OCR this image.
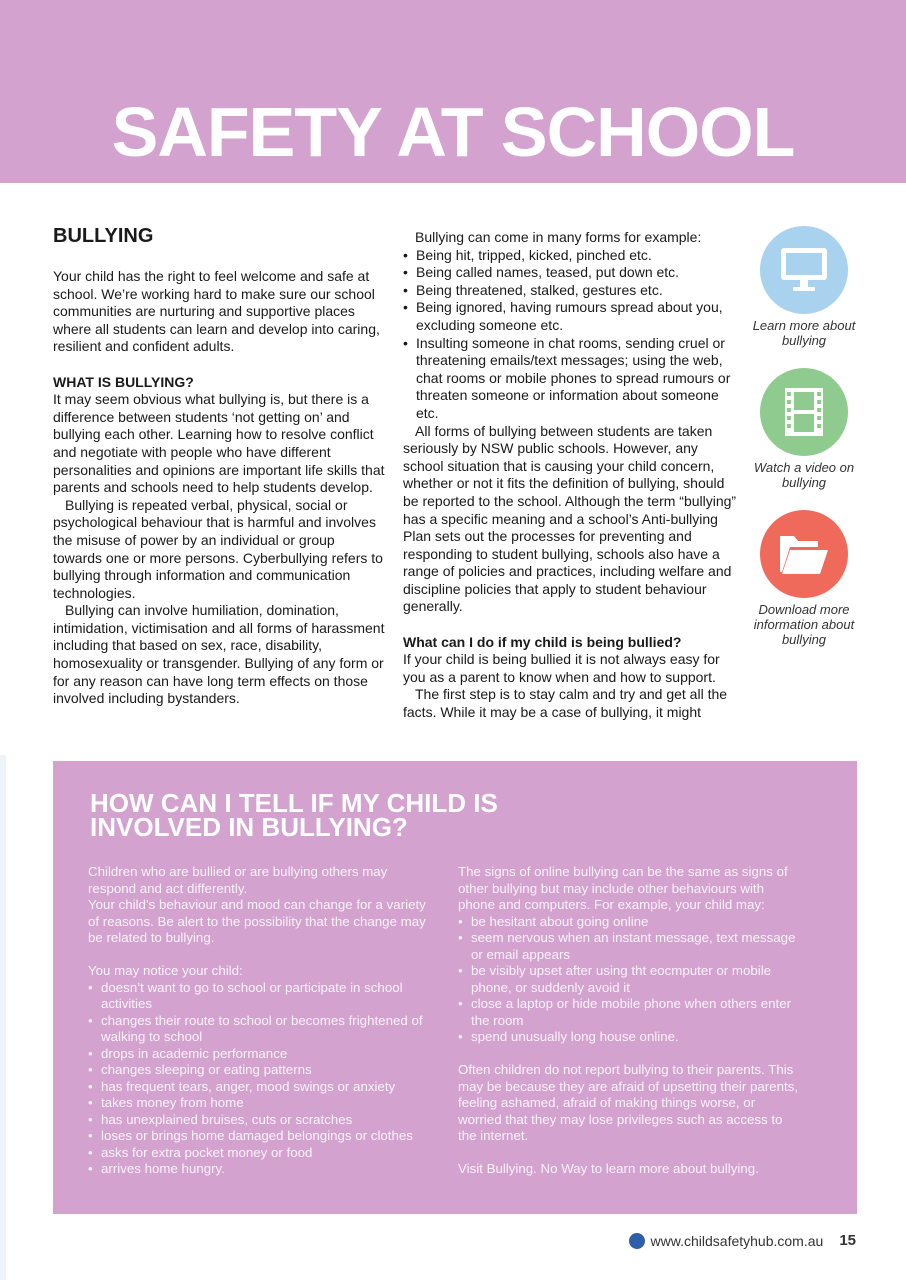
SAFETY AT SCHOOL
BULLYING

Your child has the right to feel welcome and safe at school. We’re working hard to make sure our school communities are nurturing and supportive places where all students can learn and develop into caring, resilient and confident adults.

WHAT IS BULLYING?

It may seem obvious what bullying is, but there is a difference between students ‘not getting on’ and bullying each other. Learning how to resolve conflict and negotiate with people who have different personalities and opinions are important life skills that parents and schools need to help students develop.

Bullying is repeated verbal, physical, social or psychological behaviour that is harmful and involves the misuse of power by an individual or group towards one or more persons. Cyberbullying refers to bullying through information and communication technologies.

Bullying can involve humiliation, domination, intimidation, victimisation and all forms of harassment including that based on sex, race, disability, homosexuality or transgender. Bullying of any form or for any reason can have long term effects on those involved including bystanders.

Bullying can come in many forms for example:

• Being hit, tripped, kicked, pinched etc.
• Being called names, teased, put down etc.
• Being threatened, stalked, gestures etc.
• Being ignored, having rumours spread about you, excluding someone etc.
• Insulting someone in chat rooms, sending cruel or threatening emails/text messages; using the web, chat rooms or mobile phones to spread rumours or threaten someone or information about someone etc.

All forms of bullying between students are taken seriously by NSW public schools. However, any school situation that is causing your child concern, whether or not it fits the definition of bullying, should be reported to the school. Although the term “bullying” has a specific meaning and a school’s Anti-bullying Plan sets out the processes for preventing and responding to student bullying, schools also have a range of policies and practices, including welfare and discipline policies that apply to student behaviour generally.

What can I do if my child is being bullied?

If your child is being bullied it is not always easy for you as a parent to know when and how to support.

The first step is to stay calm and try and get all the facts. While it may be a case of bullying, it might

Learn more about bullying
Watch a video on bullying
Download more information about bullying
HOW CAN I TELL IF MY CHILD IS INVOLVED IN BULLYING?

Children who are bullied or are bullying others may respond and act differently.

Your child’s behaviour and mood can change for a variety of reasons. Be alert to the possibility that the change may be related to bullying.

You may notice your child:

• doesn’t want to go to school or participate in school activities
• changes their route to school or becomes frightened of walking to school
• drops in academic performance
• changes sleeping or eating patterns
• has frequent tears, anger, mood swings or anxiety
• takes money from home
• has unexplained bruises, cuts or scratches
• loses or brings home damaged belongings or clothes
• asks for extra pocket money or food
• arrives home hungry.

The signs of online bullying can be the same as signs of other bullying but may include other behaviours with phone and computers. For example, your child may:

• be hesitant about going online
• seem nervous when an instant message, text message or email appears
• be visibly upset after using tht eocmputer or mobile phone, or suddenly avoid it
• close a laptop or hide mobile phone when others enter the room
• spend unusually long house online.

Often children do not report bullying to their parents. This may be because they are afraid of upsetting their parents, feeling ashamed, afraid of making things worse, or worried that they may lose privileges such as access to the internet.

Visit Bullying. No Way to learn more about bullying.

www.childsafetyhub.com.au 15
